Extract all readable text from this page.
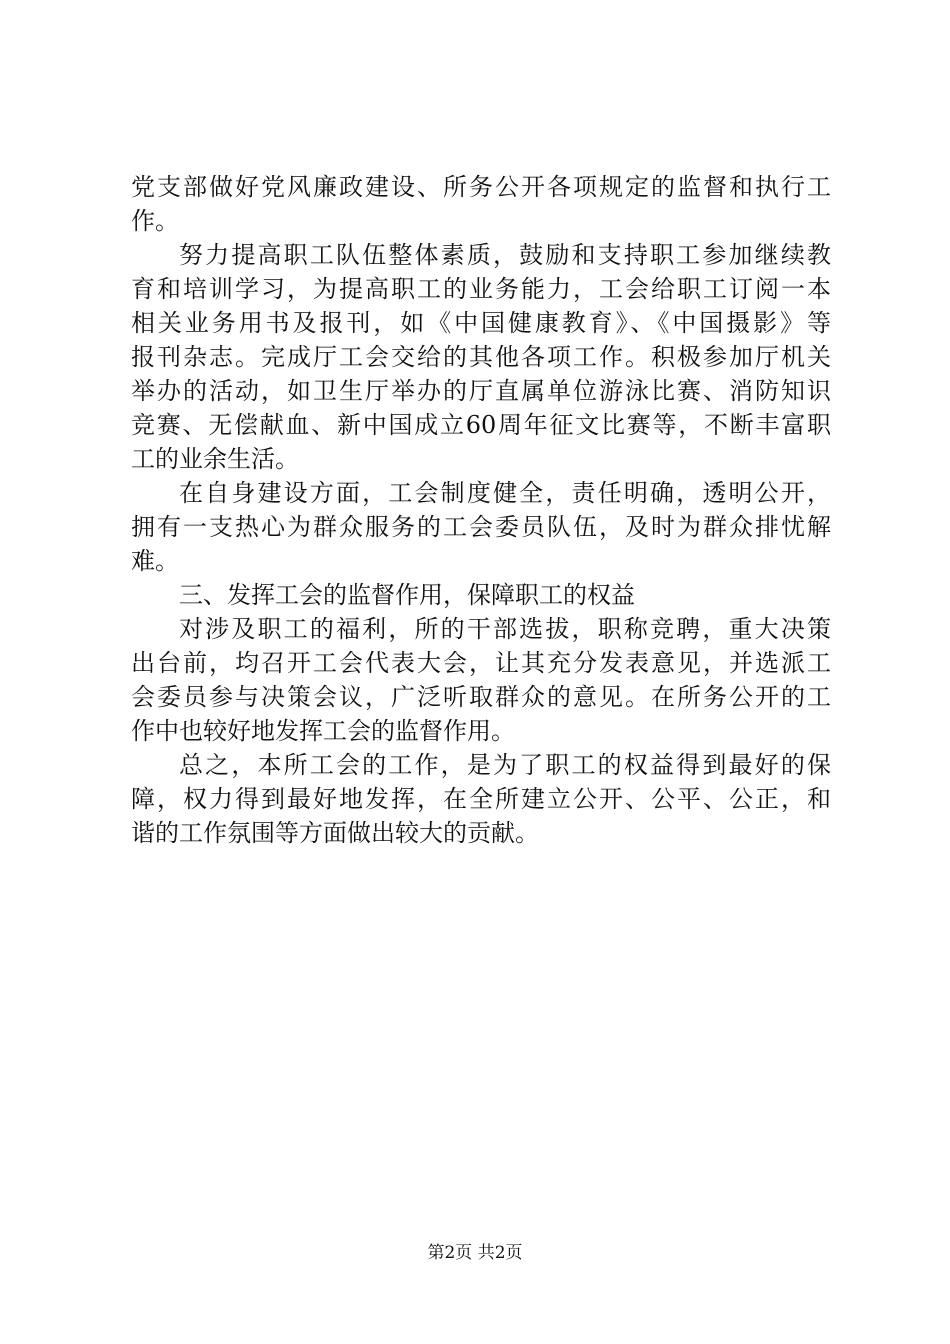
党支部做好党风廉政建设、所务公开各项规定的监督和执行工
作。
努力提高职工队伍整体素质，鼓励和支持职工参加继续教
育和培训学习，为提高职工的业务能力，工会给职工订阅一本
相关业务用书及报刊，如《中国健康教育》、《中国摄影》等
报刊杂志。完成厅工会交给的其他各项工作。积极参加厅机关
举办的活动，如卫生厅举办的厅直属单位游泳比赛、消防知识
竞赛、无偿献血、新中国成立60周年征文比赛等，不断丰富职
工的业余生活。
在自身建设方面，工会制度健全，责任明确，透明公开，
拥有一支热心为群众服务的工会委员队伍，及时为群众排忧解
难。
三、发挥工会的监督作用，保障职工的权益
对涉及职工的福利，所的干部选拔，职称竞聘，重大决策
出台前，均召开工会代表大会，让其充分发表意见，并选派工
会委员参与决策会议，广泛听取群众的意见。在所务公开的工
作中也较好地发挥工会的监督作用。
总之，本所工会的工作，是为了职工的权益得到最好的保
障，权力得到最好地发挥，在全所建立公开、公平、公正，和
谐的工作氛围等方面做出较大的贡献。
第2页 共2页
